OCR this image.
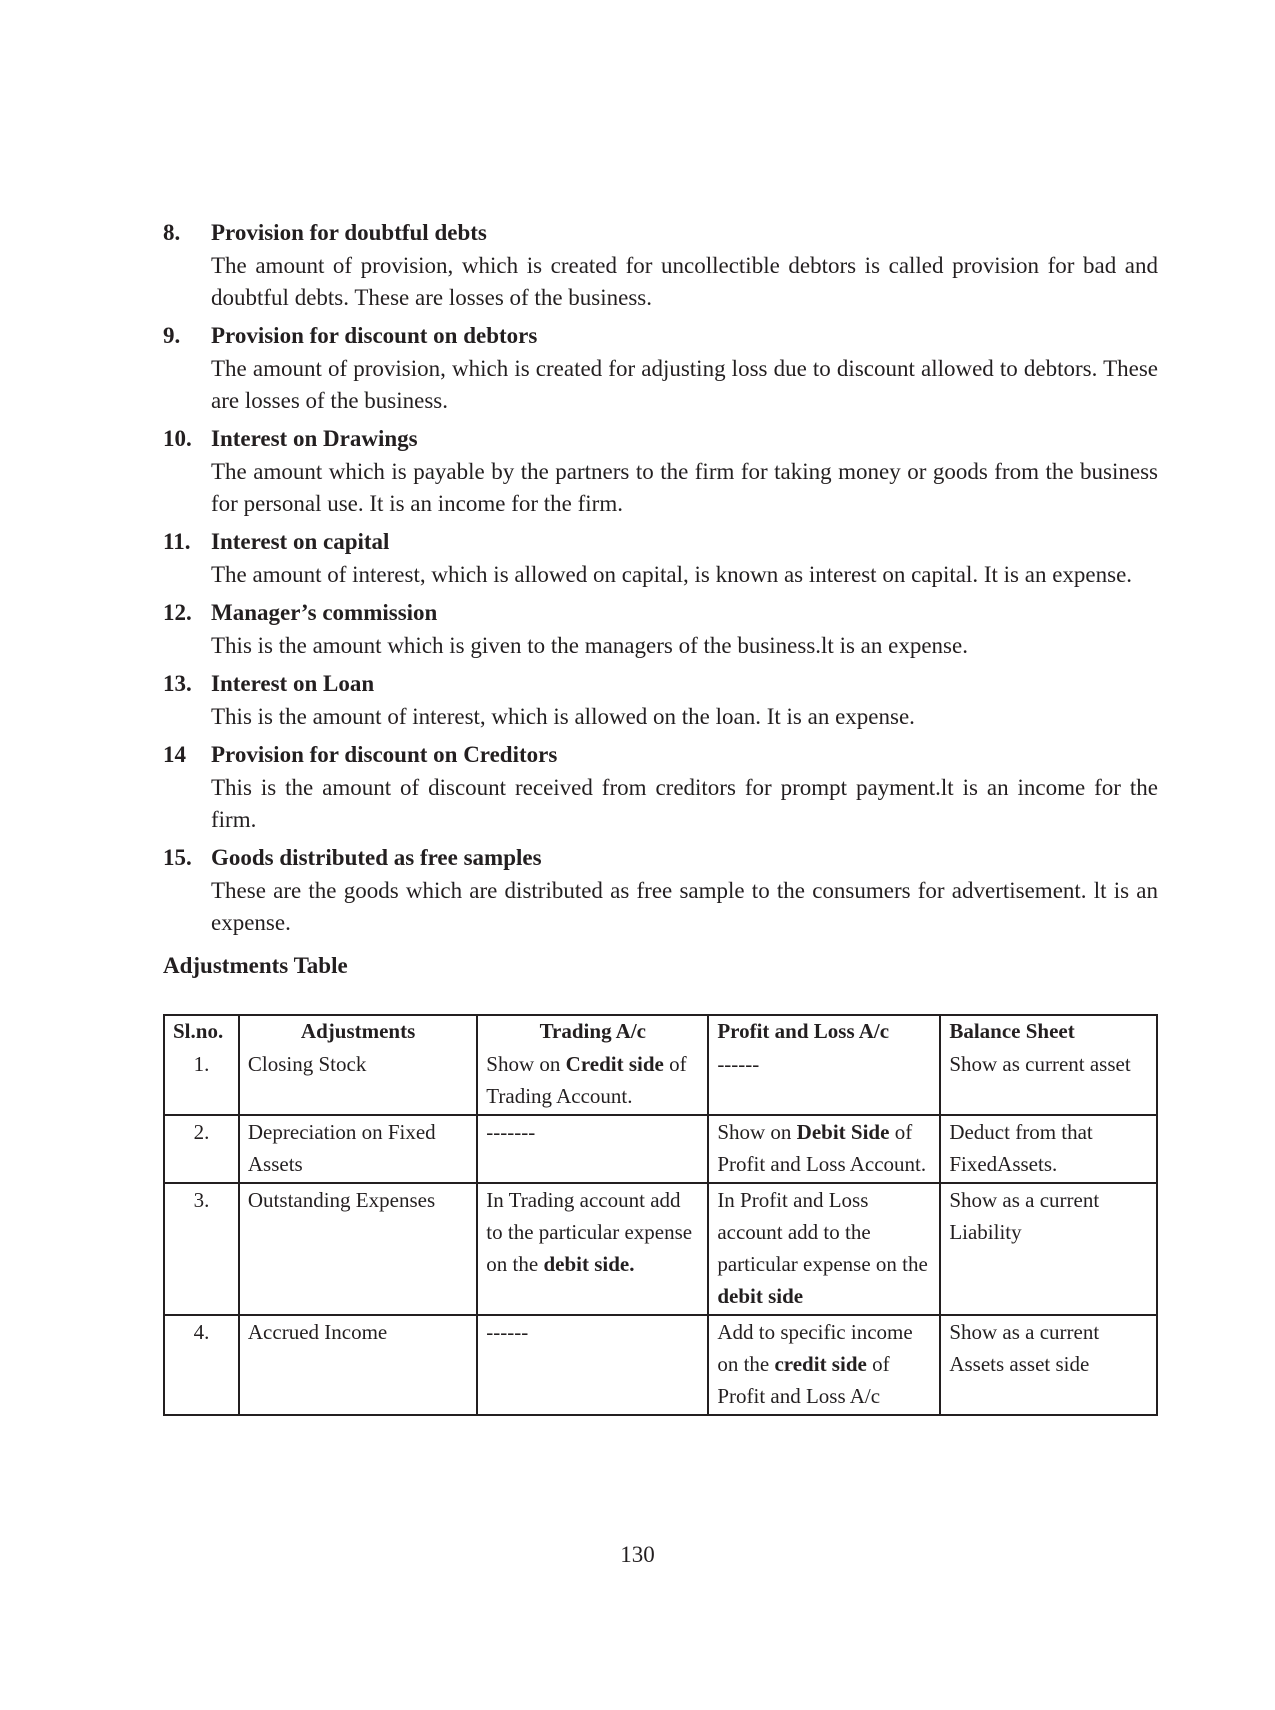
8.	Provision for doubtful debts
The amount of provision, which is created for uncollectible debtors is called provision for bad and doubtful debts. These are losses of the business.
9.	Provision for discount on debtors
The amount of provision, which is created for adjusting loss due to discount allowed to debtors. These are losses of the business.
10. Interest on Drawings
The amount which is payable by the partners to the firm for taking money or goods from the business for personal use. It is an income for the firm.
11. Interest on capital
The amount of interest, which is allowed on capital, is known as interest on capital. It is an expense.
12. Manager’s commission
This is the amount which is given to the managers of the business.lt is an expense.
13. Interest on Loan
This is the amount of interest, which is allowed on the loan. It is an expense.
14	Provision for discount on Creditors
This is the amount of discount received from creditors for prompt payment.lt is an income for the firm.
15. Goods distributed as free samples
These are the goods which are distributed as free sample to the consumers for advertisement. lt is an expense.
Adjustments Table
Sl.no.	Adjustments	Trading A/c	Profit and Loss A/c	Balance Sheet
1.	Closing Stock	Show on Credit side of Trading Account.	------	Show as current asset
2.	Depreciation on Fixed Assets	-------	Show on Debit Side of Profit and Loss Account.	Deduct from that FixedAssets.
3.	Outstanding Expenses	In Trading account add to the particular expense on the debit side.	In Profit and Loss account add to the particular expense on the debit side	Show as a current Liability
4.	Accrued Income	------	Add to specific income on the credit side of Profit and Loss A/c	Show as a current Assets asset side
130
